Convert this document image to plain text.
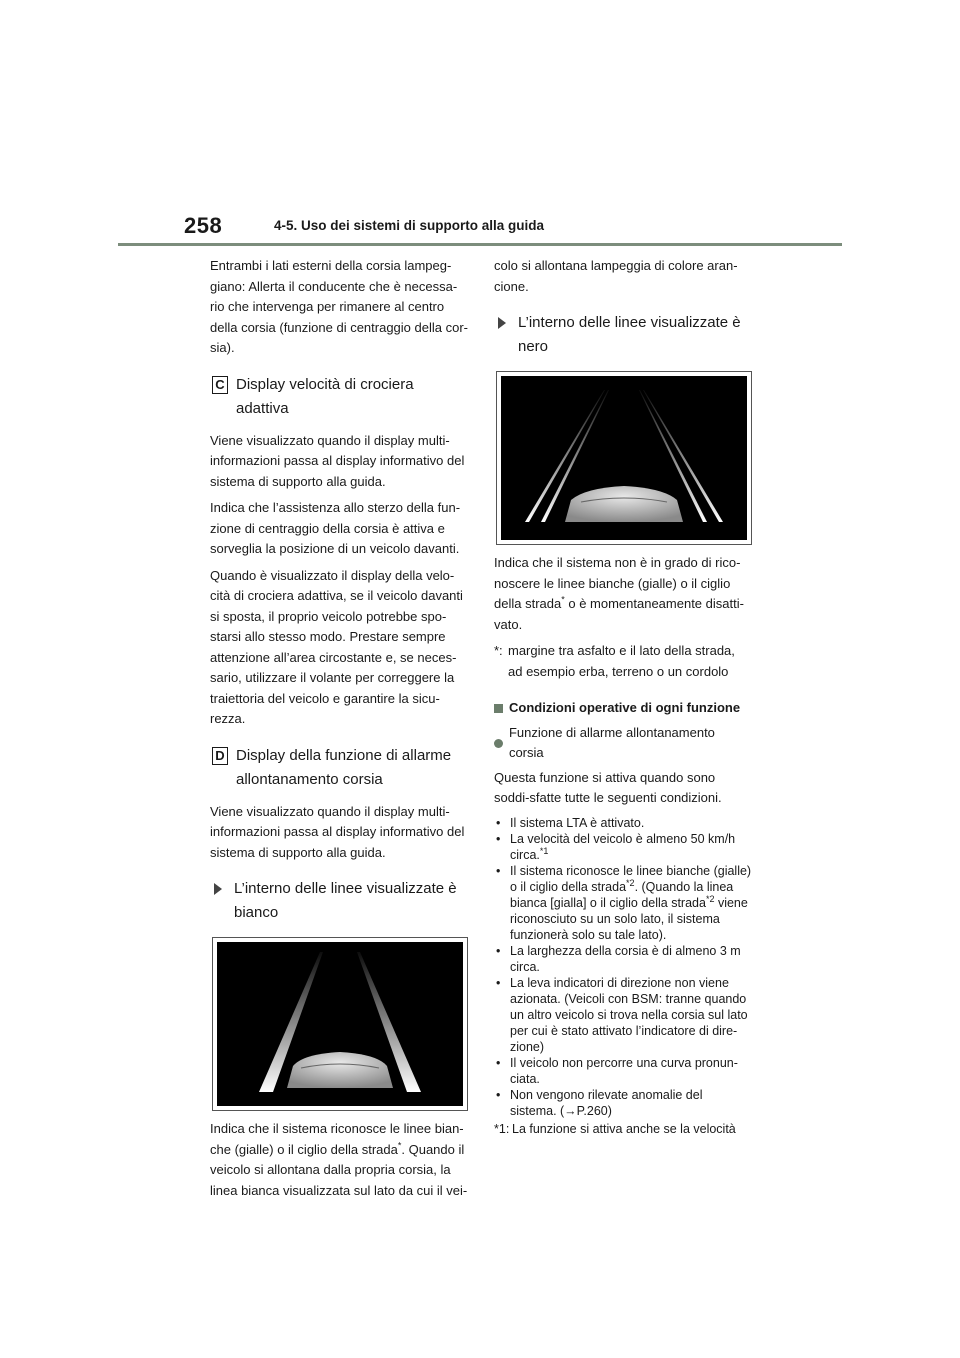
258	4-5. Uso dei sistemi di supporto alla guida

Entrambi i lati esterni della corsia lampeg-giano: Allerta il conducente che è necessa-rio che intervenga per rimanere al centro della corsia (funzione di centraggio della cor-sia).

C Display velocità di crociera adattiva

Viene visualizzato quando il display multi-informazioni passa al display informativo del sistema di supporto alla guida.

Indica che l’assistenza allo sterzo della fun-zione di centraggio della corsia è attiva e sorveglia la posizione di un veicolo davanti.

Quando è visualizzato il display della velo-cità di crociera adattiva, se il veicolo davanti si sposta, il proprio veicolo potrebbe spo-starsi allo stesso modo. Prestare sempre attenzione all’area circostante e, se neces-sario, utilizzare il volante per correggere la traiettoria del veicolo e garantire la sicu-rezza.

D Display della funzione di allarme allontanamento corsia

Viene visualizzato quando il display multi-informazioni passa al display informativo del sistema di supporto alla guida.

L’interno delle linee visualizzate è bianco

Indica che il sistema riconosce le linee bian-che (gialle) o il ciglio della strada*. Quando il veicolo si allontana dalla propria corsia, la linea bianca visualizzata sul lato da cui il vei-

colo si allontana lampeggia di colore aran-cione.

L’interno delle linee visualizzate è nero

Indica che il sistema non è in grado di rico-noscere le linee bianche (gialle) o il ciglio della strada* o è momentaneamente disatti-vato.

*: margine tra asfalto e il lato della strada, ad esempio erba, terreno o un cordolo
Condizioni operative di ogni funzione
Funzione di allarme allontanamento corsia

Questa funzione si attiva quando sono soddi-sfatte tutte le seguenti condizioni.

• Il sistema LTA è attivato.
• La velocità del veicolo è almeno 50 km/h circa.$^{*1}$
• Il sistema riconosce le linee bianche (gialle) o il ciglio della strada$^{*2}$. (Quando la linea bianca [gialla] o il ciglio della strada$^{*2}$ viene riconosciuto su un solo lato, il sistema funzionerà solo su tale lato).
• La larghezza della corsia è di almeno 3 m circa.
• La leva indicatori di direzione non viene azionata. (Veicoli con BSM: tranne quando un altro veicolo si trova nella corsia sul lato per cui è stato attivato l’indicatore di dire-zione)
• Il veicolo non percorre una curva pronun-ciata.
• Non vengono rilevate anomalie del sistema. (→P.260)
*1: La funzione si attiva anche se la velocità
